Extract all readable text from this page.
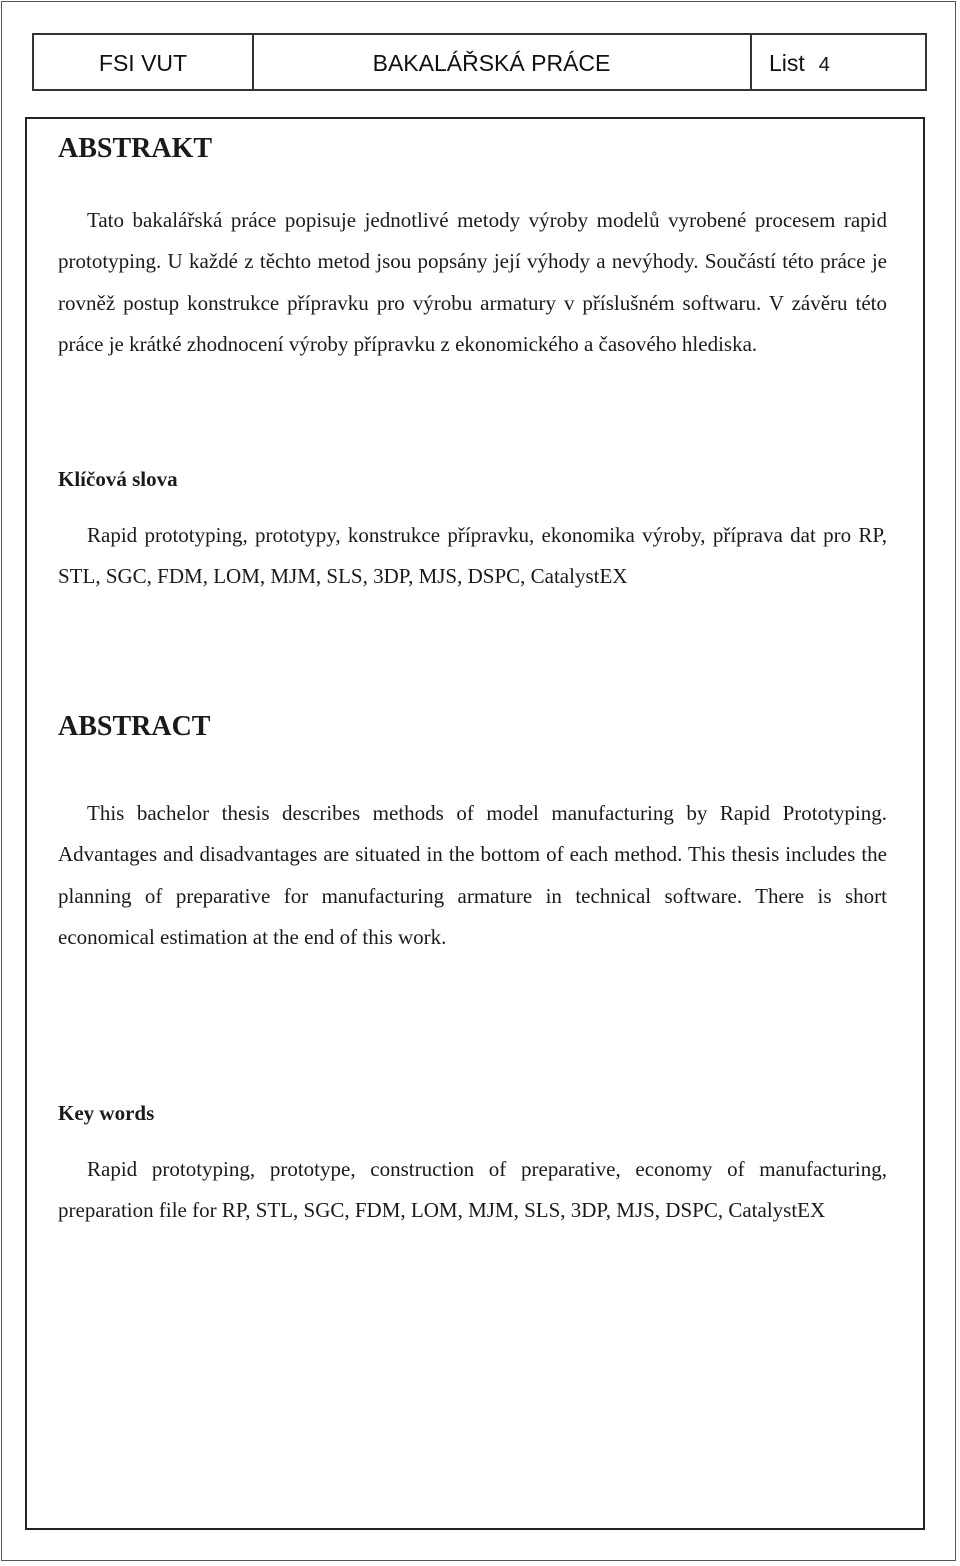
FSI VUT	BAKALÁŘSKÁ PRÁCE	List 4
ABSTRAKT

Tato bakalářská práce popisuje jednotlivé metody výroby modelů vyrobené procesem rapid prototyping. U každé z těchto metod jsou popsány její výhody a nevýhody. Součástí této práce je rovněž postup konstrukce přípravku pro výrobu armatury v příslušném softwaru. V závěru této práce je krátké zhodnocení výroby přípravku z ekonomického a časového hlediska.

Klíčová slova

Rapid prototyping, prototypy, konstrukce přípravku, ekonomika výroby, příprava dat pro RP, STL, SGC, FDM, LOM, MJM, SLS, 3DP, MJS, DSPC, CatalystEX

ABSTRACT

This bachelor thesis describes methods of model manufacturing by Rapid Prototyping. Advantages and disadvantages are situated in the bottom of each method. This thesis includes the planning of preparative for manufacturing armature in technical software. There is short economical estimation at the end of this work.

Key words

Rapid prototyping, prototype, construction of preparative, economy of manufacturing, preparation file for RP, STL, SGC, FDM, LOM, MJM, SLS, 3DP, MJS, DSPC, CatalystEX
